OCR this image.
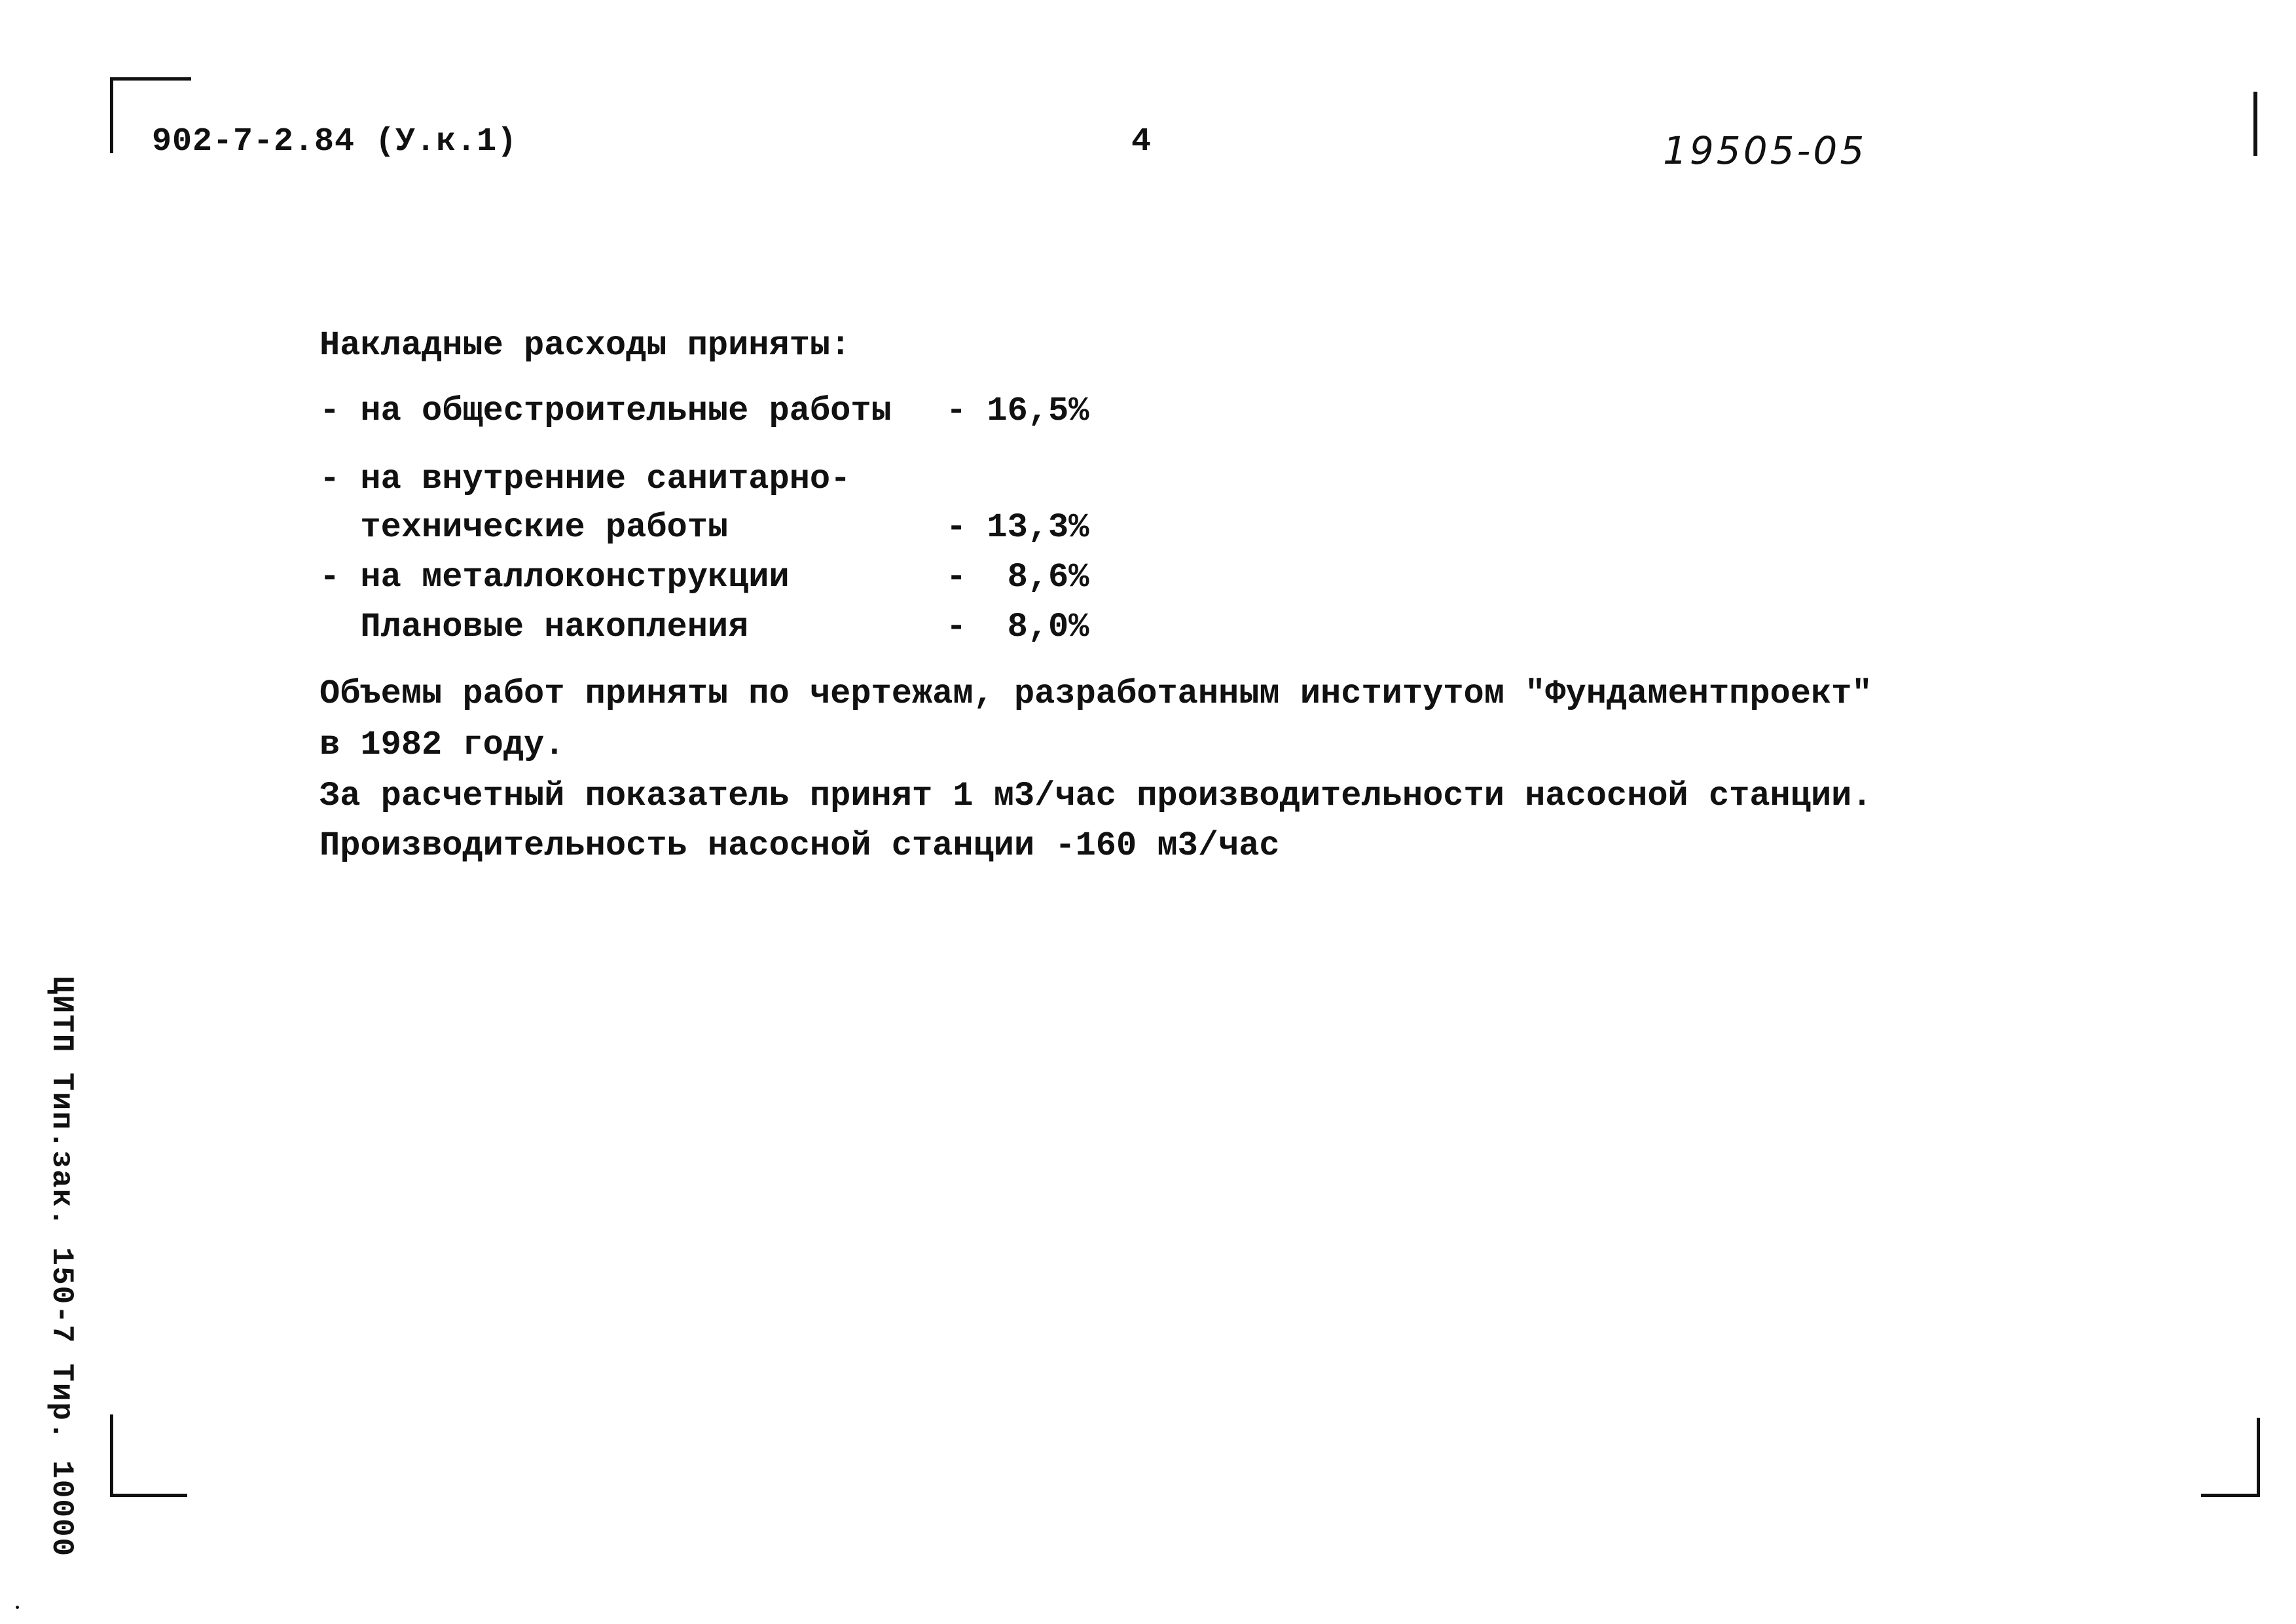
902-7-2.84 (У.к.1)	4	19505-05
Накладные расходы приняты:
- на общестроительные работы - 16,5%
- на внутренние санитарно-
технические работы	- 13,3%
- на металлоконструкции	-  8,6%
Плановые накопления	-  8,0%
Объемы работ приняты по чертежам, разработанным институтом "Фундаментпроект"
в 1982 году.
За расчетный показатель принят 1 м3/час производительности насосной станции.
Производительность насосной станции -160 м3/час
ЦИТП Тип.зак. 150-7 Тир. 10000
